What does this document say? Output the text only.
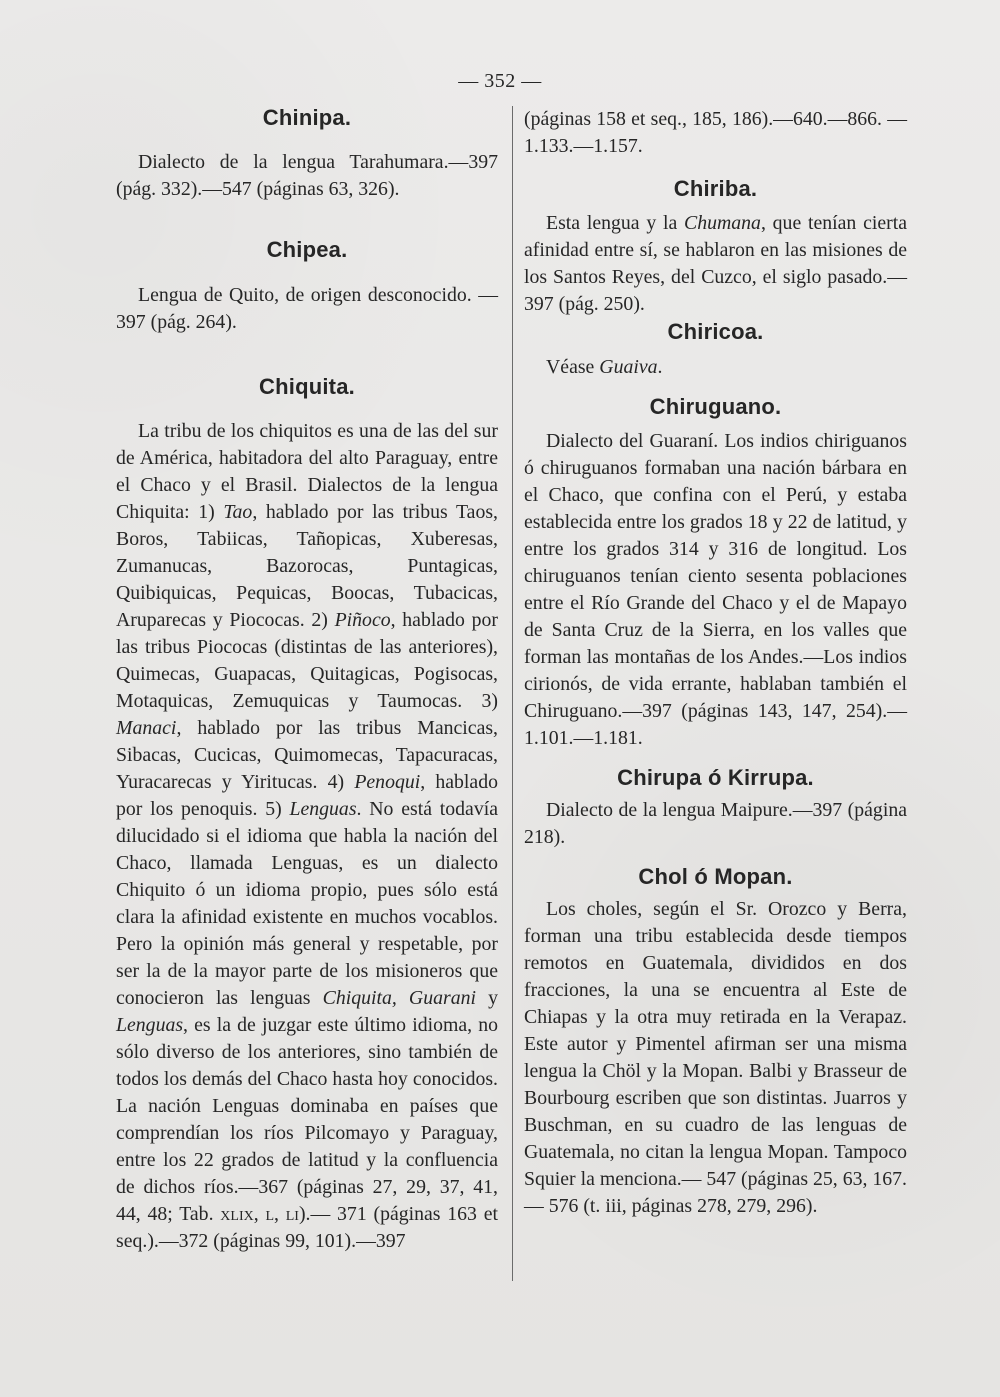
— 352 —
Chinipa.

Dialecto de la lengua Tarahumara.—397 (pág. 332).—547 (páginas 63, 326).

Chipea.

Lengua de Quito, de origen desconocido. —397 (pág. 264).

Chiquita.

La tribu de los chiquitos es una de las del sur de América, habitadora del alto Paraguay, entre el Chaco y el Brasil. Dialectos de la lengua Chiquita: 1) Tao, hablado por las tribus Taos, Boros, Tabiicas, Tañopicas, Xuberesas, Zumanucas, Bazorocas, Puntagicas, Quibiquicas, Pequicas, Boocas, Tubacicas, Aruparecas y Piococas. 2) Piñoco, hablado por las tribus Piococas (distintas de las anteriores), Quimecas, Guapacas, Quitagicas, Pogisocas, Motaquicas, Zemuquicas y Taumocas. 3) Manaci, hablado por las tribus Mancicas, Sibacas, Cucicas, Quimomecas, Tapacuracas, Yuracarecas y Yiritucas. 4) Penoqui, hablado por los penoquis. 5) Lenguas. No está todavía dilucidado si el idioma que habla la nación del Chaco, llamada Lenguas, es un dialecto Chiquito ó un idioma propio, pues sólo está clara la afinidad existente en muchos vocablos. Pero la opinión más general y respetable, por ser la de la mayor parte de los misioneros que conocieron las lenguas Chiquita, Guarani y Lenguas, es la de juzgar este último idioma, no sólo diverso de los anteriores, sino también de todos los demás del Chaco hasta hoy conocidos. La nación Lenguas dominaba en países que comprendían los ríos Pilcomayo y Paraguay, entre los 22 grados de latitud y la confluencia de dichos ríos.—367 (páginas 27, 29, 37, 41, 44, 48; Tab. xlix, l, li).— 371 (páginas 163 et seq.).—372 (páginas 99, 101).—397

(páginas 158 et seq., 185, 186).—640.—866. —1.133.—1.157.

Chiriba.

Esta lengua y la Chumana, que tenían cierta afinidad entre sí, se hablaron en las misiones de los Santos Reyes, del Cuzco, el siglo pasado.—397 (pág. 250).

Chiricoa.

Véase Guaiva.

Chiruguano.

Dialecto del Guaraní. Los indios chiriguanos ó chiruguanos formaban una nación bárbara en el Chaco, que confina con el Perú, y estaba establecida entre los grados 18 y 22 de latitud, y entre los grados 314 y 316 de longitud. Los chiruguanos tenían ciento sesenta poblaciones entre el Río Grande del Chaco y el de Mapayo de Santa Cruz de la Sierra, en los valles que forman las montañas de los Andes.—Los indios cirionós, de vida errante, hablaban también el Chiruguano.—397 (páginas 143, 147, 254).—1.101.—1.181.

Chirupa ó Kirrupa.

Dialecto de la lengua Maipure.—397 (página 218).

Chol ó Mopan.

Los choles, según el Sr. Orozco y Berra, forman una tribu establecida desde tiempos remotos en Guatemala, divididos en dos fracciones, la una se encuentra al Este de Chiapas y la otra muy retirada en la Verapaz. Este autor y Pimentel afirman ser una misma lengua la Chöl y la Mopan. Balbi y Brasseur de Bourbourg escriben que son distintas. Juarros y Buschman, en su cuadro de las lenguas de Guatemala, no citan la lengua Mopan. Tampoco Squier la menciona.— 547 (páginas 25, 63, 167.— 576 (t. iii, páginas 278, 279, 296).
